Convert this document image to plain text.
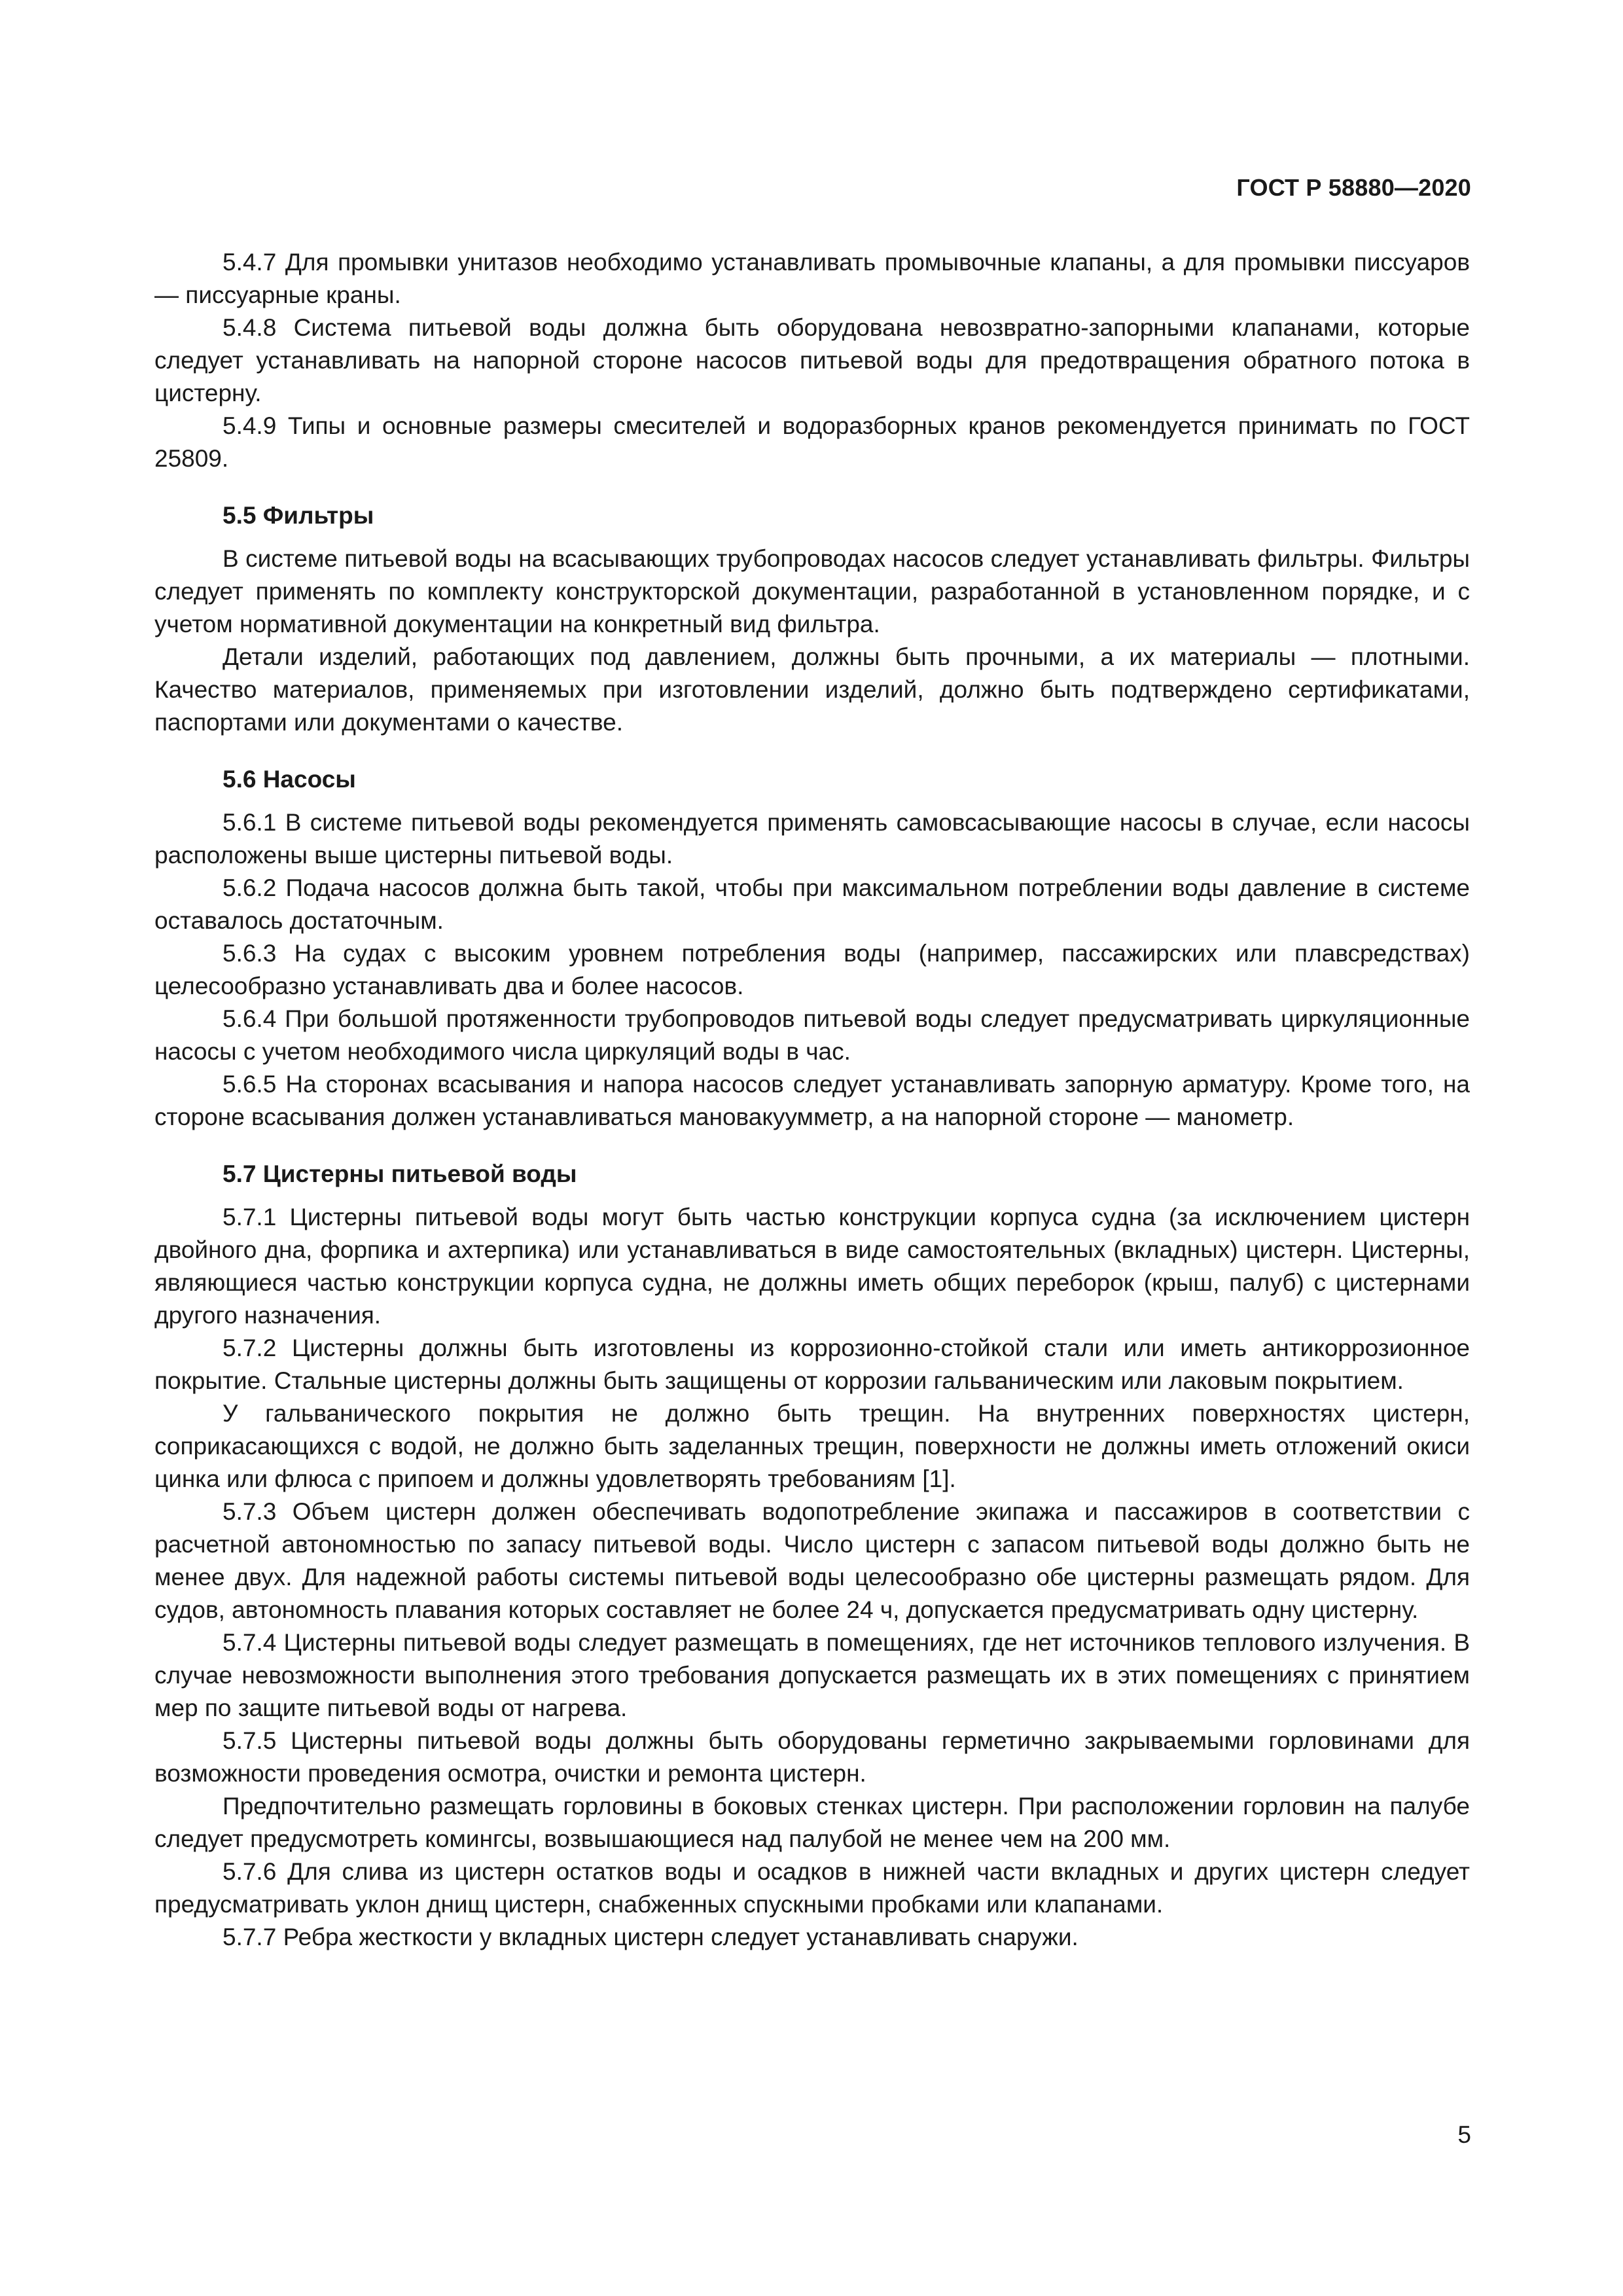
ГОСТ Р 58880—2020

5.4.7 Для промывки унитазов необходимо устанавливать промывочные клапаны, а для промывки писсуаров — писсуарные краны.

5.4.8 Система питьевой воды должна быть оборудована невозвратно-запорными клапанами, которые следует устанавливать на напорной стороне насосов питьевой воды для предотвращения обратного потока в цистерну.

5.4.9 Типы и основные размеры смесителей и водоразборных кранов рекомендуется принимать по ГОСТ 25809.

5.5 Фильтры

В системе питьевой воды на всасывающих трубопроводах насосов следует устанавливать фильтры. Фильтры следует применять по комплекту конструкторской документации, разработанной в установленном порядке, и с учетом нормативной документации на конкретный вид фильтра.

Детали изделий, работающих под давлением, должны быть прочными, а их материалы — плотными. Качество материалов, применяемых при изготовлении изделий, должно быть подтверждено сертификатами, паспортами или документами о качестве.

5.6 Насосы

5.6.1 В системе питьевой воды рекомендуется применять самовсасывающие насосы в случае, если насосы расположены выше цистерны питьевой воды.

5.6.2 Подача насосов должна быть такой, чтобы при максимальном потреблении воды давление в системе оставалось достаточным.

5.6.3 На судах с высоким уровнем потребления воды (например, пассажирских или плавсредствах) целесообразно устанавливать два и более насосов.

5.6.4 При большой протяженности трубопроводов питьевой воды следует предусматривать циркуляционные насосы с учетом необходимого числа циркуляций воды в час.

5.6.5 На сторонах всасывания и напора насосов следует устанавливать запорную арматуру. Кроме того, на стороне всасывания должен устанавливаться мановакуумметр, а на напорной стороне — манометр.

5.7 Цистерны питьевой воды

5.7.1 Цистерны питьевой воды могут быть частью конструкции корпуса судна (за исключением цистерн двойного дна, форпика и ахтерпика) или устанавливаться в виде самостоятельных (вкладных) цистерн. Цистерны, являющиеся частью конструкции корпуса судна, не должны иметь общих переборок (крыш, палуб) с цистернами другого назначения.

5.7.2 Цистерны должны быть изготовлены из коррозионно-стойкой стали или иметь антикоррозионное покрытие. Стальные цистерны должны быть защищены от коррозии гальваническим или лаковым покрытием.

У гальванического покрытия не должно быть трещин. На внутренних поверхностях цистерн, соприкасающихся с водой, не должно быть заделанных трещин, поверхности не должны иметь отложений окиси цинка или флюса с припоем и должны удовлетворять требованиям [1].

5.7.3 Объем цистерн должен обеспечивать водопотребление экипажа и пассажиров в соответствии с расчетной автономностью по запасу питьевой воды. Число цистерн с запасом питьевой воды должно быть не менее двух. Для надежной работы системы питьевой воды целесообразно обе цистерны размещать рядом. Для судов, автономность плавания которых составляет не более 24 ч, допускается предусматривать одну цистерну.

5.7.4 Цистерны питьевой воды следует размещать в помещениях, где нет источников теплового излучения. В случае невозможности выполнения этого требования допускается размещать их в этих помещениях с принятием мер по защите питьевой воды от нагрева.

5.7.5 Цистерны питьевой воды должны быть оборудованы герметично закрываемыми горловинами для возможности проведения осмотра, очистки и ремонта цистерн.

Предпочтительно размещать горловины в боковых стенках цистерн. При расположении горловин на палубе следует предусмотреть комингсы, возвышающиеся над палубой не менее чем на 200 мм.

5.7.6 Для слива из цистерн остатков воды и осадков в нижней части вкладных и других цистерн следует предусматривать уклон днищ цистерн, снабженных спускными пробками или клапанами.

5.7.7 Ребра жесткости у вкладных цистерн следует устанавливать снаружи.

5
